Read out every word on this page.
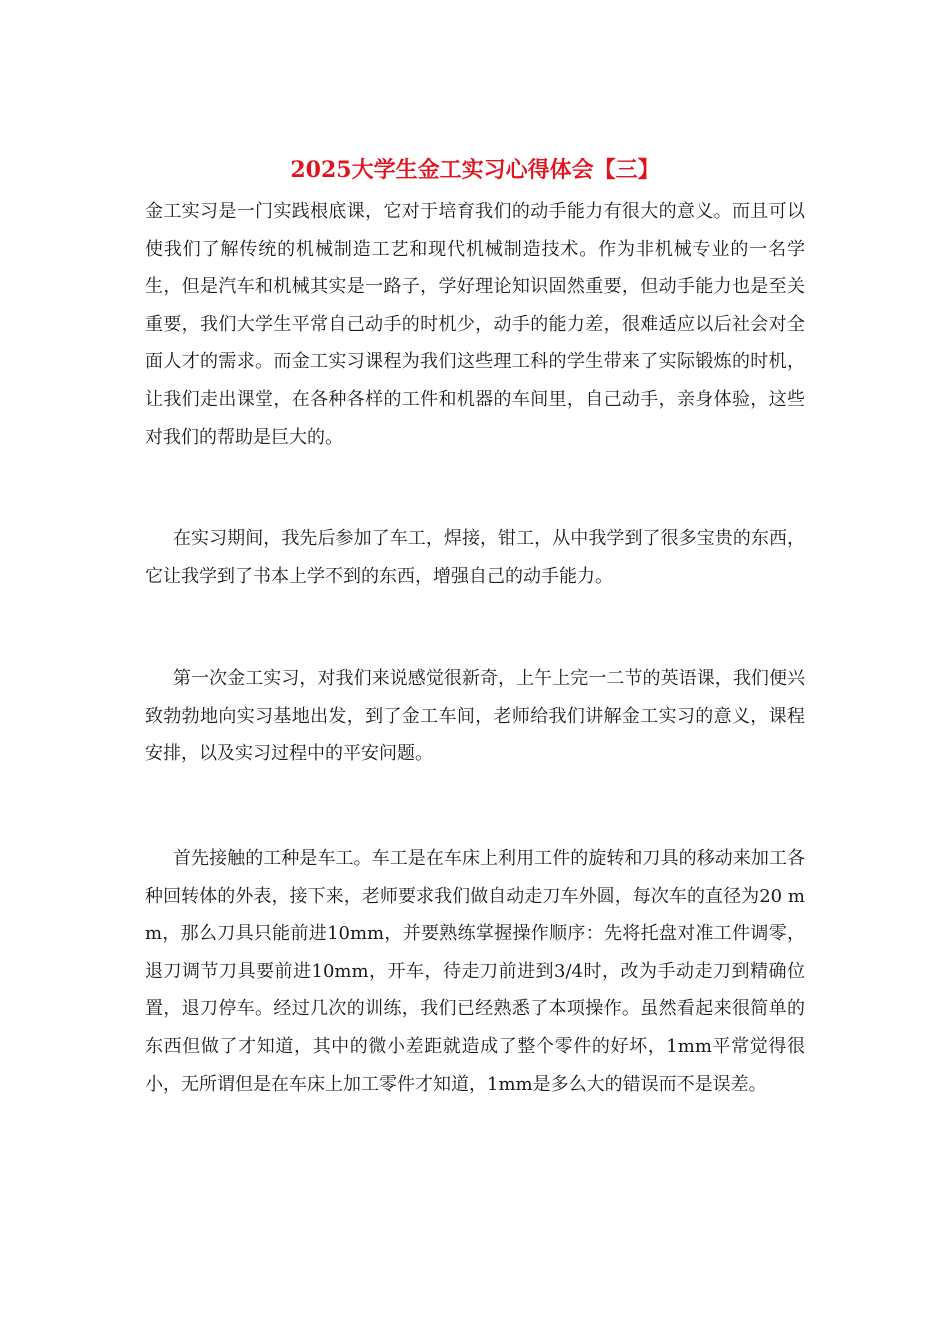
2025大学生金工实习心得体会【三】

金工实习是一门实践根底课，它对于培育我们的动手能力有很大的意义。而且可以使我们了解传统的机械制造工艺和现代机械制造技术。作为非机械专业的一名学生，但是汽车和机械其实是一路子，学好理论知识固然重要，但动手能力也是至关重要，我们大学生平常自己动手的时机少，动手的能力差，很难适应以后社会对全面人才的需求。而金工实习课程为我们这些理工科的学生带来了实际锻炼的时机，让我们走出课堂，在各种各样的工件和机器的车间里，自己动手，亲身体验，这些对我们的帮助是巨大的。

在实习期间，我先后参加了车工，焊接，钳工，从中我学到了很多宝贵的东西，它让我学到了书本上学不到的东西，增强自己的动手能力。

第一次金工实习，对我们来说感觉很新奇，上午上完一二节的英语课，我们便兴致勃勃地向实习基地出发，到了金工车间，老师给我们讲解金工实习的意义，课程安排，以及实习过程中的平安问题。

首先接触的工种是车工。车工是在车床上利用工件的旋转和刀具的移动来加工各种回转体的外表，接下来，老师要求我们做自动走刀车外圆，每次车的直径为20 mm，那么刀具只能前进10mm，并要熟练掌握操作顺序：先将托盘对准工件调零，退刀调节刀具要前进10mm，开车，待走刀前进到3/4时，改为手动走刀到精确位置，退刀停车。经过几次的训练，我们已经熟悉了本项操作。虽然看起来很简单的东西但做了才知道，其中的微小差距就造成了整个零件的好坏，1mm平常觉得很小，无所谓但是在车床上加工零件才知道，1mm是多么大的错误而不是误差。
